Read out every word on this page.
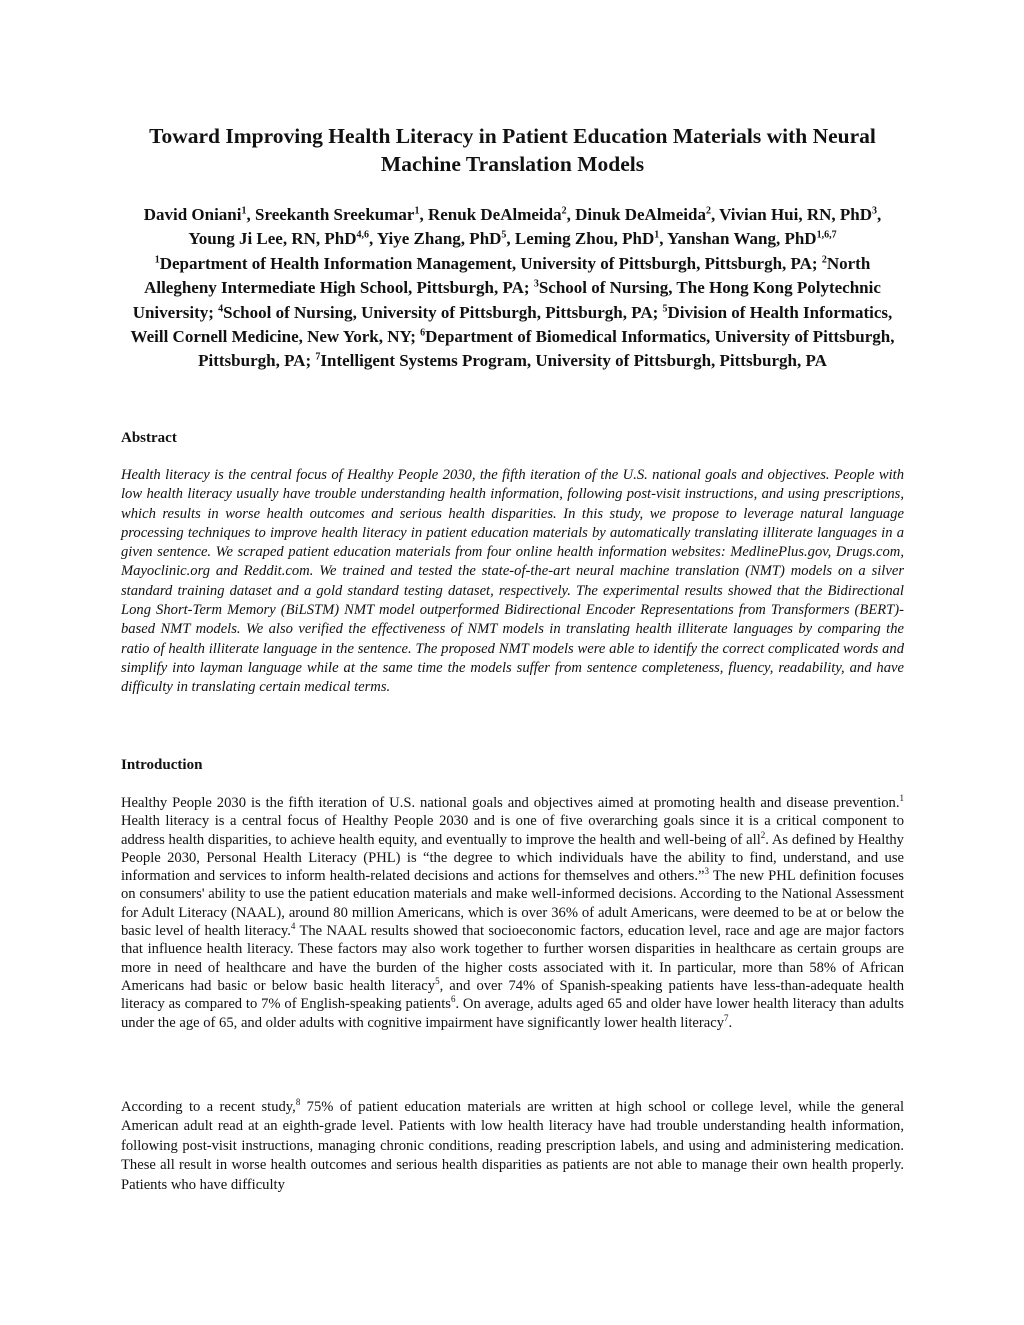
Toward Improving Health Literacy in Patient Education Materials with Neural Machine Translation Models

David Oniani$^1$, Sreekanth Sreekumar$^1$, Renuk DeAlmeida$^2$, Dinuk DeAlmeida$^2$, Vivian Hui, RN, PhD$^3$, Young Ji Lee, RN, PhD$^{4,6}$, Yiye Zhang, PhD$^5$, Leming Zhou, PhD$^1$, Yanshan Wang, PhD$^{1,6,7}$

$^1$Department of Health Information Management, University of Pittsburgh, Pittsburgh, PA; $^2$North Allegheny Intermediate High School, Pittsburgh, PA; $^3$School of Nursing, The Hong Kong Polytechnic University; $^4$School of Nursing, University of Pittsburgh, Pittsburgh, PA; $^5$Division of Health Informatics, Weill Cornell Medicine, New York, NY; $^6$Department of Biomedical Informatics, University of Pittsburgh, Pittsburgh, PA; $^7$Intelligent Systems Program, University of Pittsburgh, Pittsburgh, PA

Abstract

Health literacy is the central focus of Healthy People 2030, the fifth iteration of the U.S. national goals and objectives. People with low health literacy usually have trouble understanding health information, following post-visit instructions, and using prescriptions, which results in worse health outcomes and serious health disparities. In this study, we propose to leverage natural language processing techniques to improve health literacy in patient education materials by automatically translating illiterate languages in a given sentence. We scraped patient education materials from four online health information websites: MedlinePlus.gov, Drugs.com, Mayoclinic.org and Reddit.com. We trained and tested the state-of-the-art neural machine translation (NMT) models on a silver standard training dataset and a gold standard testing dataset, respectively. The experimental results showed that the Bidirectional Long Short-Term Memory (BiLSTM) NMT model outperformed Bidirectional Encoder Representations from Transformers (BERT)-based NMT models. We also verified the effectiveness of NMT models in translating health illiterate languages by comparing the ratio of health illiterate language in the sentence. The proposed NMT models were able to identify the correct complicated words and simplify into layman language while at the same time the models suffer from sentence completeness, fluency, readability, and have difficulty in translating certain medical terms.

Introduction

Healthy People 2030 is the fifth iteration of U.S. national goals and objectives aimed at promoting health and disease prevention.$^1$ Health literacy is a central focus of Healthy People 2030 and is one of five overarching goals since it is a critical component to address health disparities, to achieve health equity, and eventually to improve the health and well-being of all$^2$. As defined by Healthy People 2030, Personal Health Literacy (PHL) is “the degree to which individuals have the ability to find, understand, and use information and services to inform health-related decisions and actions for themselves and others.”$^3$ The new PHL definition focuses on consumers' ability to use the patient education materials and make well-informed decisions. According to the National Assessment for Adult Literacy (NAAL), around 80 million Americans, which is over 36% of adult Americans, were deemed to be at or below the basic level of health literacy.$^4$ The NAAL results showed that socioeconomic factors, education level, race and age are major factors that influence health literacy. These factors may also work together to further worsen disparities in healthcare as certain groups are more in need of healthcare and have the burden of the higher costs associated with it. In particular, more than 58% of African Americans had basic or below basic health literacy$^5$, and over 74% of Spanish-speaking patients have less-than-adequate health literacy as compared to 7% of English-speaking patients$^6$. On average, adults aged 65 and older have lower health literacy than adults under the age of 65, and older adults with cognitive impairment have significantly lower health literacy$^7$.

According to a recent study,$^8$ 75% of patient education materials are written at high school or college level, while the general American adult read at an eighth-grade level. Patients with low health literacy have had trouble understanding health information, following post-visit instructions, managing chronic conditions, reading prescription labels, and using and administering medication. These all result in worse health outcomes and serious health disparities as patients are not able to manage their own health properly. Patients who have difficulty
